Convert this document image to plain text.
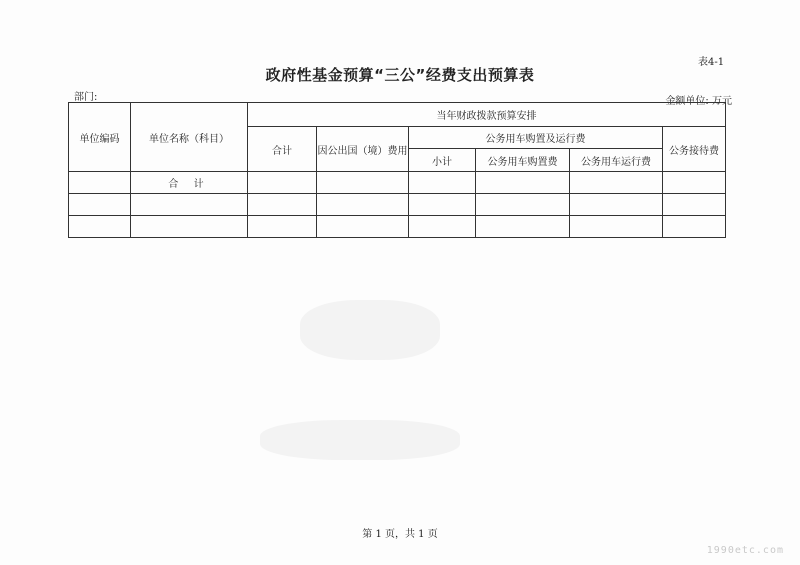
表4-1
政府性基金预算“三公”经费支出预算表
部门:	金额单位: 万元
单位编码	单位名称（科目）	当年财政拨款预算安排					
		合计	因公出国（境）费用	公务用车购置及运行费			公务接待费
				小计	公务用车购置费	公务用车运行费	
	合 计						

第 1 页，共 1 页
1990etc.com
